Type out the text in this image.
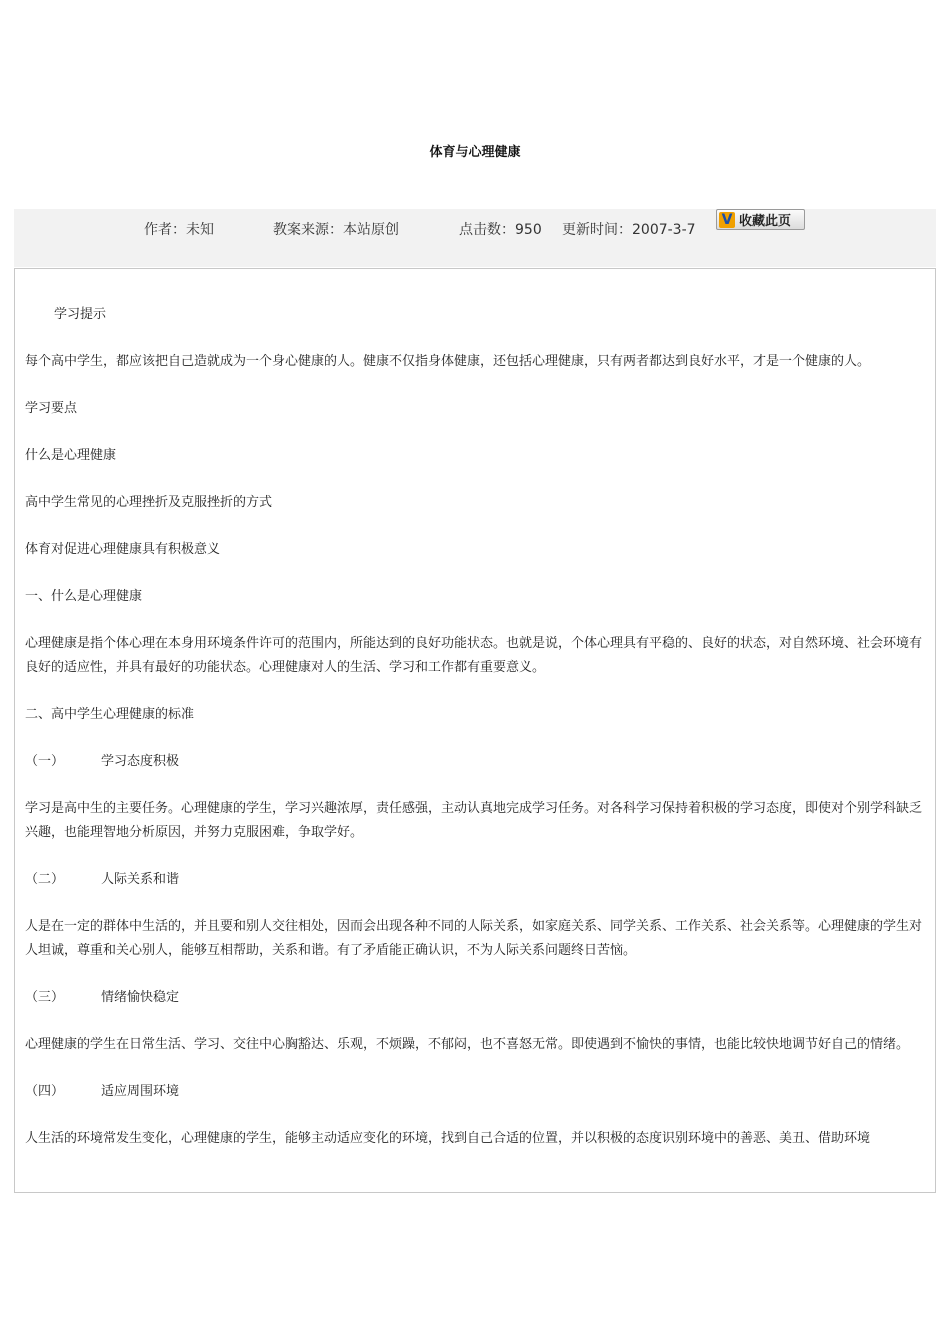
体育与心理健康
作者：未知	教案来源：本站原创	点击数：950 更新时间：2007-3-7
V 收藏此页

学习提示

每个高中学生，都应该把自己造就成为一个身心健康的人。健康不仅指身体健康，还包括心理健康，只有两者都达到良好水平，才是一个健康的人。

学习要点

什么是心理健康

高中学生常见的心理挫折及克服挫折的方式

体育对促进心理健康具有积极意义

一、什么是心理健康

心理健康是指个体心理在本身用环境条件许可的范围内，所能达到的良好功能状态。也就是说，个体心理具有平稳的、良好的状态，对自然环境、社会环境有良好的适应性，并具有最好的功能状态。心理健康对人的生活、学习和工作都有重要意义。

二、高中学生心理健康的标准

（一）	学习态度积极

学习是高中生的主要任务。心理健康的学生，学习兴趣浓厚，责任感强，主动认真地完成学习任务。对各科学习保持着积极的学习态度，即使对个别学科缺乏兴趣，也能理智地分析原因，并努力克服困难，争取学好。

（二）	人际关系和谐

人是在一定的群体中生活的，并且要和别人交往相处，因而会出现各种不同的人际关系，如家庭关系、同学关系、工作关系、社会关系等。心理健康的学生对人坦诚，尊重和关心别人，能够互相帮助，关系和谐。有了矛盾能正确认识，不为人际关系问题终日苦恼。

（三）	情绪愉快稳定

心理健康的学生在日常生活、学习、交往中心胸豁达、乐观，不烦躁，不郁闷，也不喜怒无常。即使遇到不愉快的事情，也能比较快地调节好自己的情绪。

（四）	适应周围环境

人生活的环境常发生变化，心理健康的学生，能够主动适应变化的环境，找到自己合适的位置，并以积极的态度识别环境中的善恶、美丑、借助环境
